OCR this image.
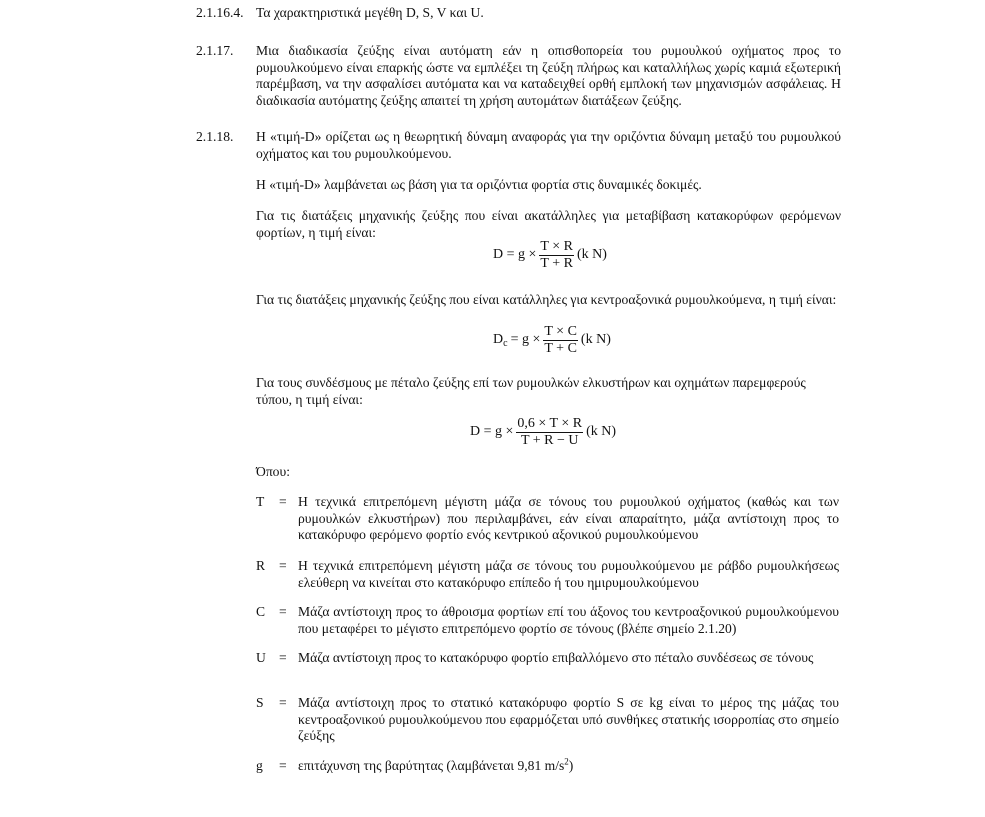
2.1.16.4. Τα χαρακτηριστικά μεγέθη D, S, V και U.
2.1.17. Μια διαδικασία ζεύξης είναι αυτόματη εάν η οπισθοπορεία του ρυμουλκού οχήματος προς το ρυμουλκούμενο είναι επαρκής ώστε να εμπλέξει τη ζεύξη πλήρως και καταλλήλως χωρίς καμιά εξωτερική παρέμβαση, να την ασφαλίσει αυτόματα και να καταδειχθεί ορθή εμπλοκή των μηχανισμών ασφάλειας. Η διαδικασία αυτόματης ζεύξης απαιτεί τη χρήση αυτομάτων διατάξεων ζεύξης.
2.1.18. Η «τιμή-D» ορίζεται ως η θεωρητική δύναμη αναφοράς για την οριζόντια δύναμη μεταξύ του ρυμουλκού οχήματος και του ρυμουλκούμενου.
Η «τιμή-D» λαμβάνεται ως βάση για τα οριζόντια φορτία στις δυναμικές δοκιμές.
Για τις διατάξεις μηχανικής ζεύξης που είναι ακατάλληλες για μεταβίβαση κατακορύφων φερόμενων φορτίων, η τιμή είναι:
$D = g \times \frac{T \times R}{T + R} (k$ N)
Για τις διατάξεις μηχανικής ζεύξης που είναι κατάλληλες για κεντροαξονικά ρυμουλκούμενα, η τιμή είναι:
D $c = g \times \frac{T \times C}{T + C} (k$ N)
Για τους συνδέσμους με πέταλο ζεύξης επί των ρυμουλκών ελκυστήρων και οχημάτων παρεμφερούς τύπου, η τιμή είναι:
$D = g \times \frac{0,6 \times T \times R}{T + R - U} (k$ N)
Όπου:
T = Η τεχνικά επιτρεπόμενη μέγιστη μάζα σε τόνους του ρυμουλκού οχήματος (καθώς και των ρυμουλκών ελκυστήρων) που περιλαμβάνει, εάν είναι απαραίτητο, μάζα αντίστοιχη προς το κατακόρυφο φερόμενο φορτίο ενός κεντρικού αξονικού ρυμουλκούμενου
R = Η τεχνικά επιτρεπόμενη μέγιστη μάζα σε τόνους του ρυμουλκούμενου με ράβδο ρυμουλκήσεως ελεύθερη να κινείται στο κατακόρυφο επίπεδο ή του ημιρυμουλκούμενου
C = Μάζα αντίστοιχη προς το άθροισμα φορτίων επί του άξονος του κεντροαξονικού ρυμουλκούμενου που μεταφέρει το μέγιστο επιτρεπόμενο φορτίο σε τόνους (βλέπε σημείο 2.1.20)
U = Μάζα αντίστοιχη προς το κατακόρυφο φορτίο επιβαλλόμενο στο πέταλο συνδέσεως σε τόνους
S = Μάζα αντίστοιχη προς το στατικό κατακόρυφο φορτίο S σε kg είναι το μέρος της μάζας του κεντροαξονικού ρυμουλκούμενου που εφαρμόζεται υπό συνθήκες στατικής ισορροπίας στο σημείο ζεύξης
g = επιτάχυνση της βαρύτητας (λαμβάνεται 9,81 $m/s^2$)
